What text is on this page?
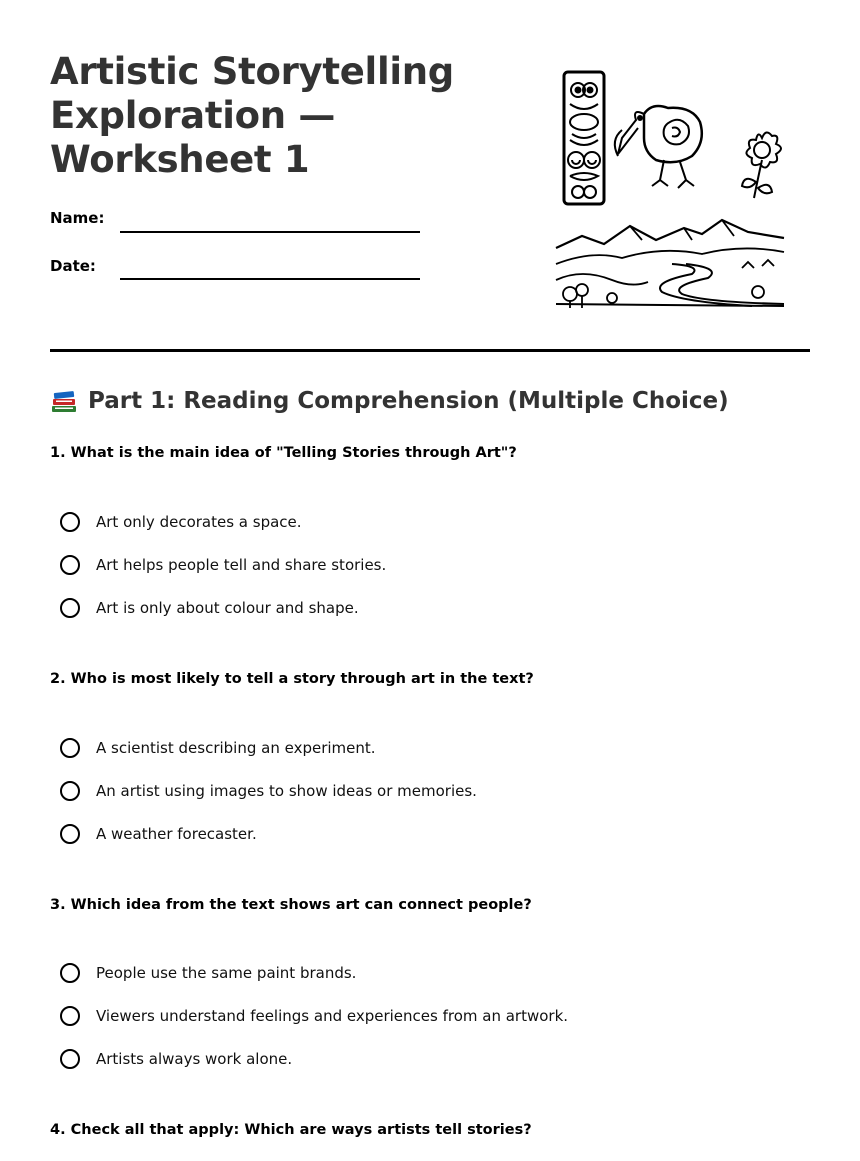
Artistic Storytelling
Exploration —
Worksheet 1
Name:
Date:
Part 1: Reading Comprehension (Multiple Choice)

1. What is the main idea of "Telling Stories through Art"?

Art only decorates a space.
Art helps people tell and share stories.
Art is only about colour and shape.

2. Who is most likely to tell a story through art in the text?

A scientist describing an experiment.
An artist using images to show ideas or memories.
A weather forecaster.

3. Which idea from the text shows art can connect people?

People use the same paint brands.
Viewers understand feelings and experiences from an artwork.
Artists always work alone.

4. Check all that apply: Which are ways artists tell stories?
